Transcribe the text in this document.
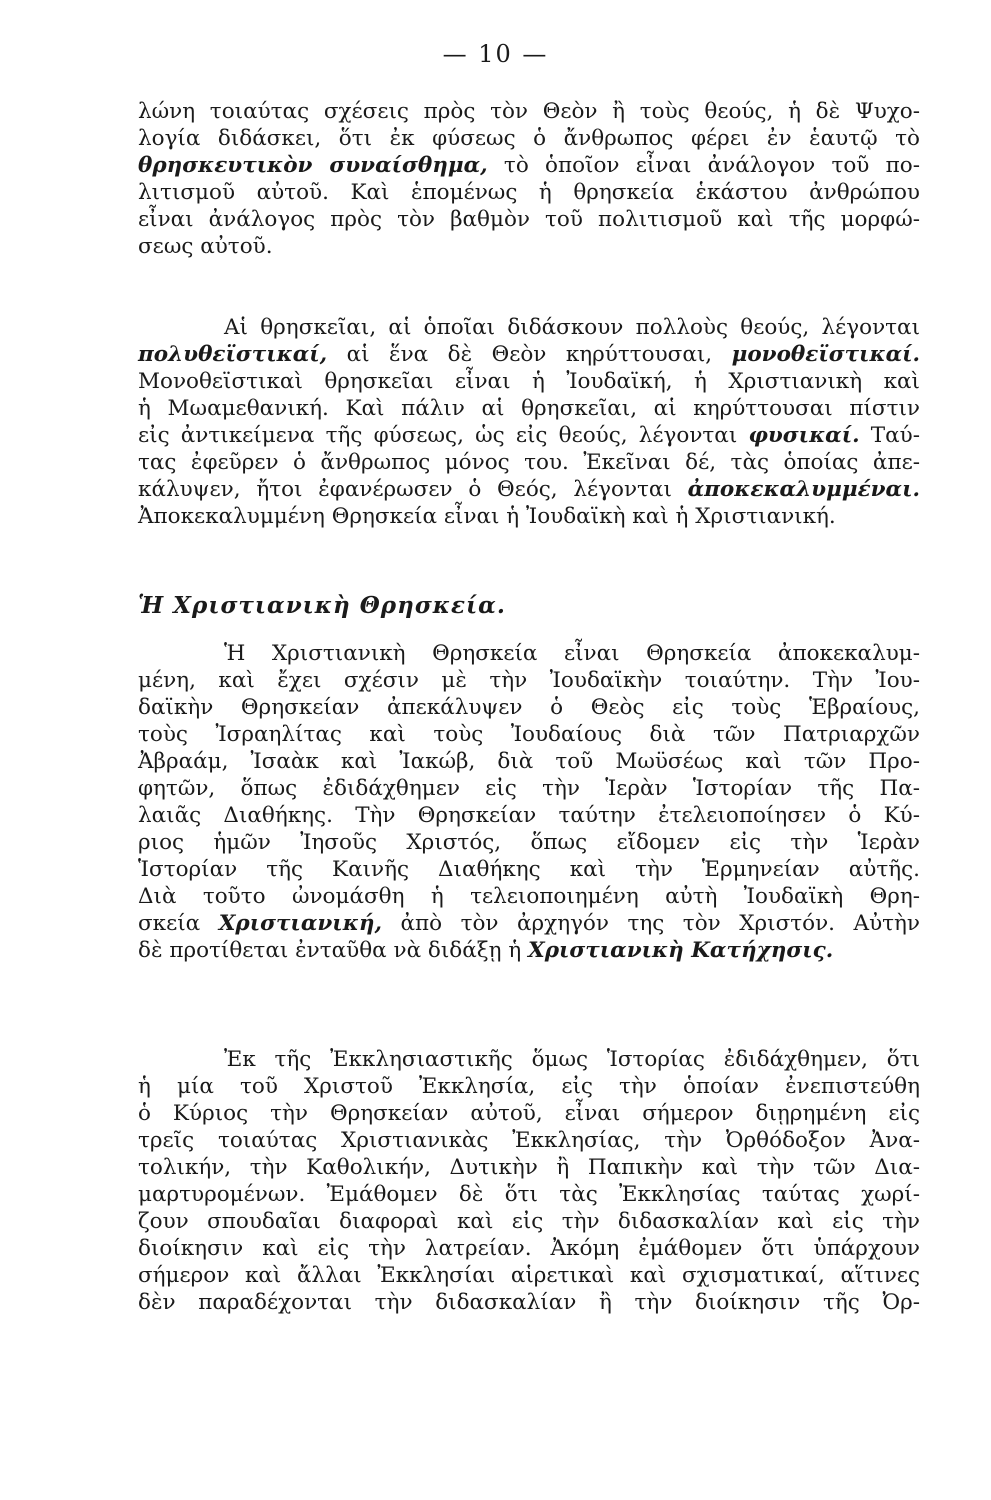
— 10 —
λώνη τοιαύτας σχέσεις πρὸς τὸν Θεὸν ἢ τοὺς θεούς, ἡ δὲ Ψυχο-
λογία διδάσκει, ὅτι ἐκ φύσεως ὁ ἄνθρωπος φέρει ἐν ἑαυτῷ τὸ
θρησκευτικὸν συναίσθημα, τὸ ὁποῖον εἶναι ἀνάλογον τοῦ πο-
λιτισμοῦ αὐτοῦ. Καὶ ἑπομένως ἡ θρησκεία ἑκάστου ἀνθρώπου
εἶναι ἀνάλογος πρὸς τὸν βαθμὸν τοῦ πολιτισμοῦ καὶ τῆς μορφώ-
σεως αὐτοῦ.
Αἱ θρησκεῖαι, αἱ ὁποῖαι διδάσκουν πολλοὺς θεούς, λέγονται
πολυθεϊστικαί, αἱ ἕνα δὲ Θεὸν κηρύττουσαι, μονοθεϊστικαί.
Μονοθεϊστικαὶ θρησκεῖαι εἶναι ἡ Ἰουδαϊκή, ἡ Χριστιανικὴ καὶ
ἡ Μωαμεθανική. Καὶ πάλιν αἱ θρησκεῖαι, αἱ κηρύττουσαι πίστιν
εἰς ἀντικείμενα τῆς φύσεως, ὡς εἰς θεούς, λέγονται φυσικαί. Ταύ-
τας ἐφεῦρεν ὁ ἄνθρωπος μόνος του. Ἐκεῖναι δέ, τὰς ὁποίας ἀπε-
κάλυψεν, ἤτοι ἐφανέρωσεν ὁ Θεός, λέγονται ἀποκεκαλυμμέναι.
Ἀποκεκαλυμμένη Θρησκεία εἶναι ἡ Ἰουδαϊκὴ καὶ ἡ Χριστιανική.
Ἡ Χριστιανικὴ Θρησκεία.
Ἡ Χριστιανικὴ Θρησκεία εἶναι Θρησκεία ἀποκεκαλυμ-
μένη, καὶ ἔχει σχέσιν μὲ τὴν Ἰουδαϊκὴν τοιαύτην. Τὴν Ἰου-
δαϊκὴν Θρησκείαν ἀπεκάλυψεν ὁ Θεὸς εἰς τοὺς Ἑβραίους,
τοὺς Ἰσραηλίτας καὶ τοὺς Ἰουδαίους διὰ τῶν Πατριαρχῶν
Ἀβραάμ, Ἰσαὰκ καὶ Ἰακώβ, διὰ τοῦ Μωϋσέως καὶ τῶν Προ-
φητῶν, ὅπως ἐδιδάχθημεν εἰς τὴν Ἱερὰν Ἱστορίαν τῆς Πα-
λαιᾶς Διαθήκης. Τὴν Θρησκείαν ταύτην ἐτελειοποίησεν ὁ Κύ-
ριος ἡμῶν Ἰησοῦς Χριστός, ὅπως εἴδομεν εἰς τὴν Ἱερὰν
Ἱστορίαν τῆς Καινῆς Διαθήκης καὶ τὴν Ἑρμηνείαν αὐτῆς.
Διὰ τοῦτο ὠνομάσθη ἡ τελειοποιημένη αὐτὴ Ἰουδαϊκὴ Θρη-
σκεία Χριστιανική, ἀπὸ τὸν ἀρχηγόν της τὸν Χριστόν. Αὐτὴν
δὲ προτίθεται ἐνταῦθα νὰ διδάξῃ ἡ Χριστιανικὴ Κατήχησις.
Ἐκ τῆς Ἐκκλησιαστικῆς ὅμως Ἱστορίας ἐδιδάχθημεν, ὅτι
ἡ μία τοῦ Χριστοῦ Ἐκκλησία, εἰς τὴν ὁποίαν ἐνεπιστεύθη
ὁ Κύριος τὴν Θρησκείαν αὐτοῦ, εἶναι σήμερον διῃρημένη εἰς
τρεῖς τοιαύτας Χριστιανικὰς Ἐκκλησίας, τὴν Ὀρθόδοξον Ἀνα-
τολικήν, τὴν Καθολικήν, Δυτικὴν ἢ Παπικὴν καὶ τὴν τῶν Δια-
μαρτυρομένων. Ἐμάθομεν δὲ ὅτι τὰς Ἐκκλησίας ταύτας χωρί-
ζουν σπουδαῖαι διαφοραὶ καὶ εἰς τὴν διδασκαλίαν καὶ εἰς τὴν
διοίκησιν καὶ εἰς τὴν λατρείαν. Ἀκόμη ἐμάθομεν ὅτι ὑπάρχουν
σήμερον καὶ ἄλλαι Ἐκκλησίαι αἱρετικαὶ καὶ σχισματικαί, αἵτινες
δὲν παραδέχονται τὴν διδασκαλίαν ἢ τὴν διοίκησιν τῆς Ὀρ-
